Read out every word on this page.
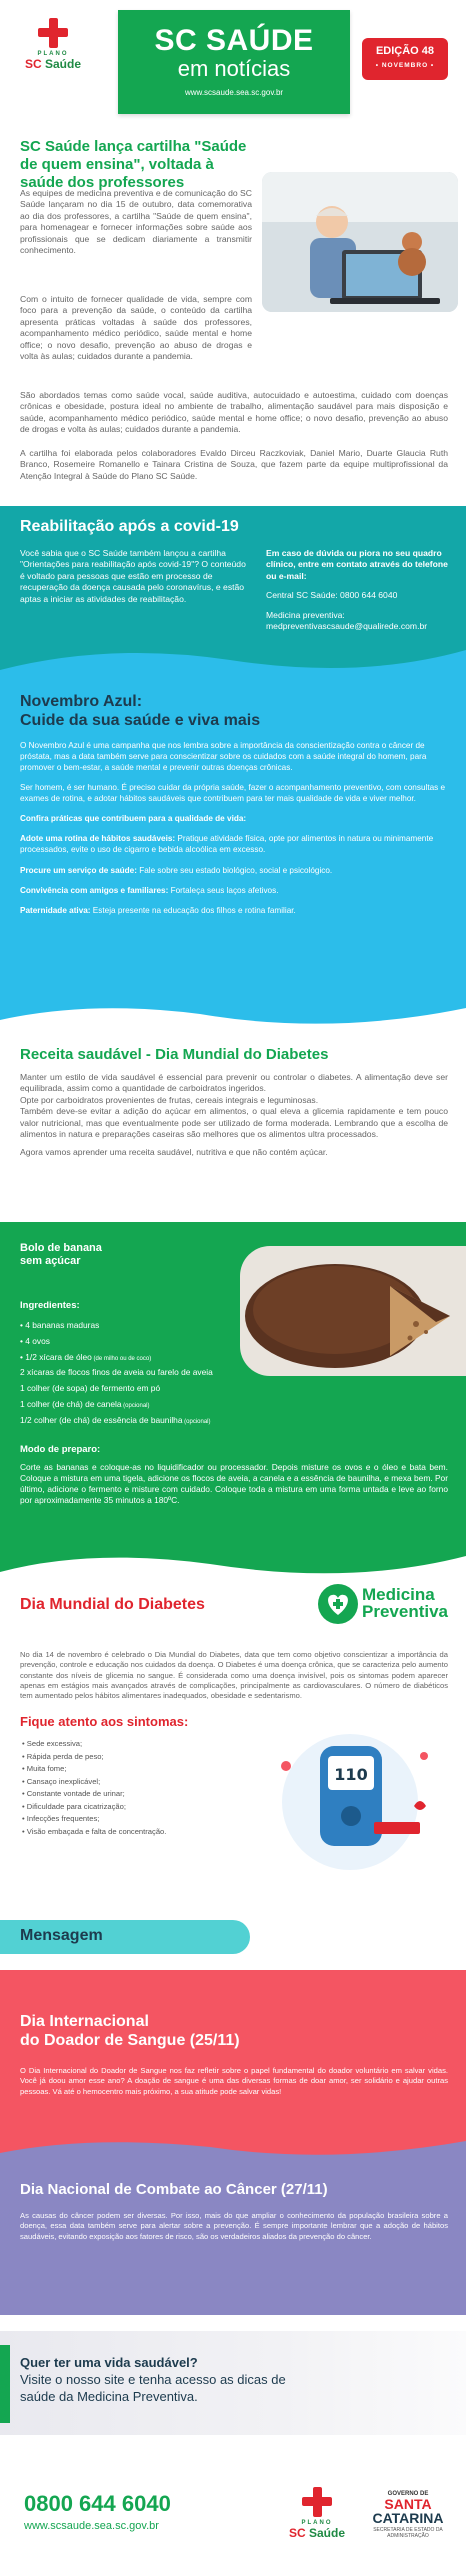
PLANO
SC Saúde
SC SAÚDE
em notícias
www.scsaude.sea.sc.gov.br
EDIÇÃO 48
• NOVEMBRO •
SC Saúde lança cartilha "Saúde de quem ensina", voltada à saúde dos professores

As equipes de medicina preventiva e de comunicação do SC Saúde lançaram no dia 15 de outubro, data comemorativa ao dia dos professores, a cartilha "Saúde de quem ensina", para homenagear e fornecer informações sobre saúde aos profissionais que se dedicam diariamente a transmitir conhecimento.

Com o intuito de fornecer qualidade de vida, sempre com foco para a prevenção da saúde, o conteúdo da cartilha apresenta práticas voltadas à saúde dos professores, acompanhamento médico periódico, saúde mental e home office; o novo desafio, prevenção ao abuso de drogas e volta às aulas; cuidados durante a pandemia.

São abordados temas como saúde vocal, saúde auditiva, autocuidado e autoestima, cuidado com doenças crônicas e obesidade, postura ideal no ambiente de trabalho, alimentação saudável para mais disposição e saúde, acompanhamento médico periódico, saúde mental e home office; o novo desafio, prevenção ao abuso de drogas e volta às aulas; cuidados durante a pandemia.

A cartilha foi elaborada pelos colaboradores Evaldo Dirceu Raczkoviak, Daniel Mario, Duarte Glaucia Ruth Branco, Rosemeire Romanello e Tainara Cristina de Souza, que fazem parte da equipe multiprofissional da Atenção Integral à Saúde do Plano SC Saúde.

Reabilitação após a covid-19

Você sabia que o SC Saúde também lançou a cartilha "Orientações para reabilitação após covid-19"? O conteúdo é voltado para pessoas que estão em processo de recuperação da doença causada pelo coronavírus, e estão aptas a iniciar as atividades de reabilitação.

Em caso de dúvida ou piora no seu quadro clínico, entre em contato através do telefone ou e-mail:

Central SC Saúde: 0800 644 6040

Medicina preventiva:

medpreventivascsaude@qualirede.com.br

Novembro Azul:
Cuide da sua saúde e viva mais

O Novembro Azul é uma campanha que nos lembra sobre a importância da conscientização contra o câncer de próstata, mas a data também serve para conscientizar sobre os cuidados com a saúde integral do homem, para promover o bem-estar, a saúde mental e prevenir outras doenças crônicas.

Ser homem, é ser humano. É preciso cuidar da própria saúde, fazer o acompanhamento preventivo, com consultas e exames de rotina, e adotar hábitos saudáveis que contribuem para ter mais qualidade de vida e viver melhor.

Confira práticas que contribuem para a qualidade de vida:

Adote uma rotina de hábitos saudáveis: Pratique atividade física, opte por alimentos in natura ou minimamente processados, evite o uso de cigarro e bebida alcoólica em excesso.

Procure um serviço de saúde: Fale sobre seu estado biológico, social e psicológico.

Convivência com amigos e familiares: Fortaleça seus laços afetivos.

Paternidade ativa: Esteja presente na educação dos filhos e rotina familiar.

Receita saudável - Dia Mundial do Diabetes

Manter um estilo de vida saudável é essencial para prevenir ou controlar o diabetes. A alimentação deve ser equilibrada, assim como a quantidade de carboidratos ingeridos.

Opte por carboidratos provenientes de frutas, cereais integrais e leguminosas.

Também deve-se evitar a adição do açúcar em alimentos, o qual eleva a glicemia rapidamente e tem pouco valor nutricional, mas que eventualmente pode ser utilizado de forma moderada. Lembrando que a escolha de alimentos in natura e preparações caseiras são melhores que os alimentos ultra processados.

Agora vamos aprender uma receita saudável, nutritiva e que não contém açúcar.

Bolo de banana
sem açúcar
Ingredientes:
• 4 bananas maduras
• 4 ovos
• 1/2 xícara de óleo (de milho ou de coco)
2 xícaras de flocos finos de aveia ou farelo de aveia
1 colher (de sopa) de fermento em pó
1 colher (de chá) de canela (opcional)
1/2 colher (de chá) de essência de baunilha (opcional)
Modo de preparo:

Corte as bananas e coloque-as no liquidificador ou processador. Depois misture os ovos e o óleo e bata bem. Coloque a mistura em uma tigela, adicione os flocos de aveia, a canela e a essência de baunilha, e mexa bem. Por último, adicione o fermento e misture com cuidado. Coloque toda a mistura em uma forma untada e leve ao forno por aproximadamente 35 minutos a 180ºC.

Dia Mundial do Diabetes
Medicina
Preventiva

No dia 14 de novembro é celebrado o Dia Mundial do Diabetes, data que tem como objetivo conscientizar a importância da prevenção, controle e educação nos cuidados da doença. O Diabetes é uma doença crônica, que se caracteriza pelo aumento constante dos níveis de glicemia no sangue. É considerada como uma doença invisível, pois os sintomas podem aparecer apenas em estágios mais avançados através de complicações, principalmente as cardiovasculares. O número de diabéticos tem aumentado pelos hábitos alimentares inadequados, obesidade e sedentarismo.

Fique atento aos sintomas:
• Sede excessiva;
• Rápida perda de peso;
• Muita fome;
• Cansaço inexplicável;
• Constante vontade de urinar;
• Dificuldade para cicatrização;
• Infecções frequentes;
• Visão embaçada e falta de concentração.
110
Mensagem
Dia Internacional
do Doador de Sangue (25/11)

O Dia Internacional do Doador de Sangue nos faz refletir sobre o papel fundamental do doador voluntário em salvar vidas. Você já doou amor esse ano? A doação de sangue é uma das diversas formas de doar amor, ser solidário e ajudar outras pessoas. Vá até o hemocentro mais próximo, a sua atitude pode salvar vidas!

Dia Nacional de Combate ao Câncer (27/11)

As causas do câncer podem ser diversas. Por isso, mais do que ampliar o conhecimento da população brasileira sobre a doença, essa data também serve para alertar sobre a prevenção. É sempre importante lembrar que a adoção de hábitos saudáveis, evitando exposição aos fatores de risco, são os verdadeiros aliados da prevenção do câncer.

Quer ter uma vida saudável?
Visite o nosso site e tenha acesso as dicas de saúde da Medicina Preventiva.
0800 644 6040
www.scsaude.sea.sc.gov.br	PLANO
SC Saúde
GOVERNO DE
SANTA
CATARINA
SECRETARIA DE ESTADO DA ADMINISTRAÇÃO
